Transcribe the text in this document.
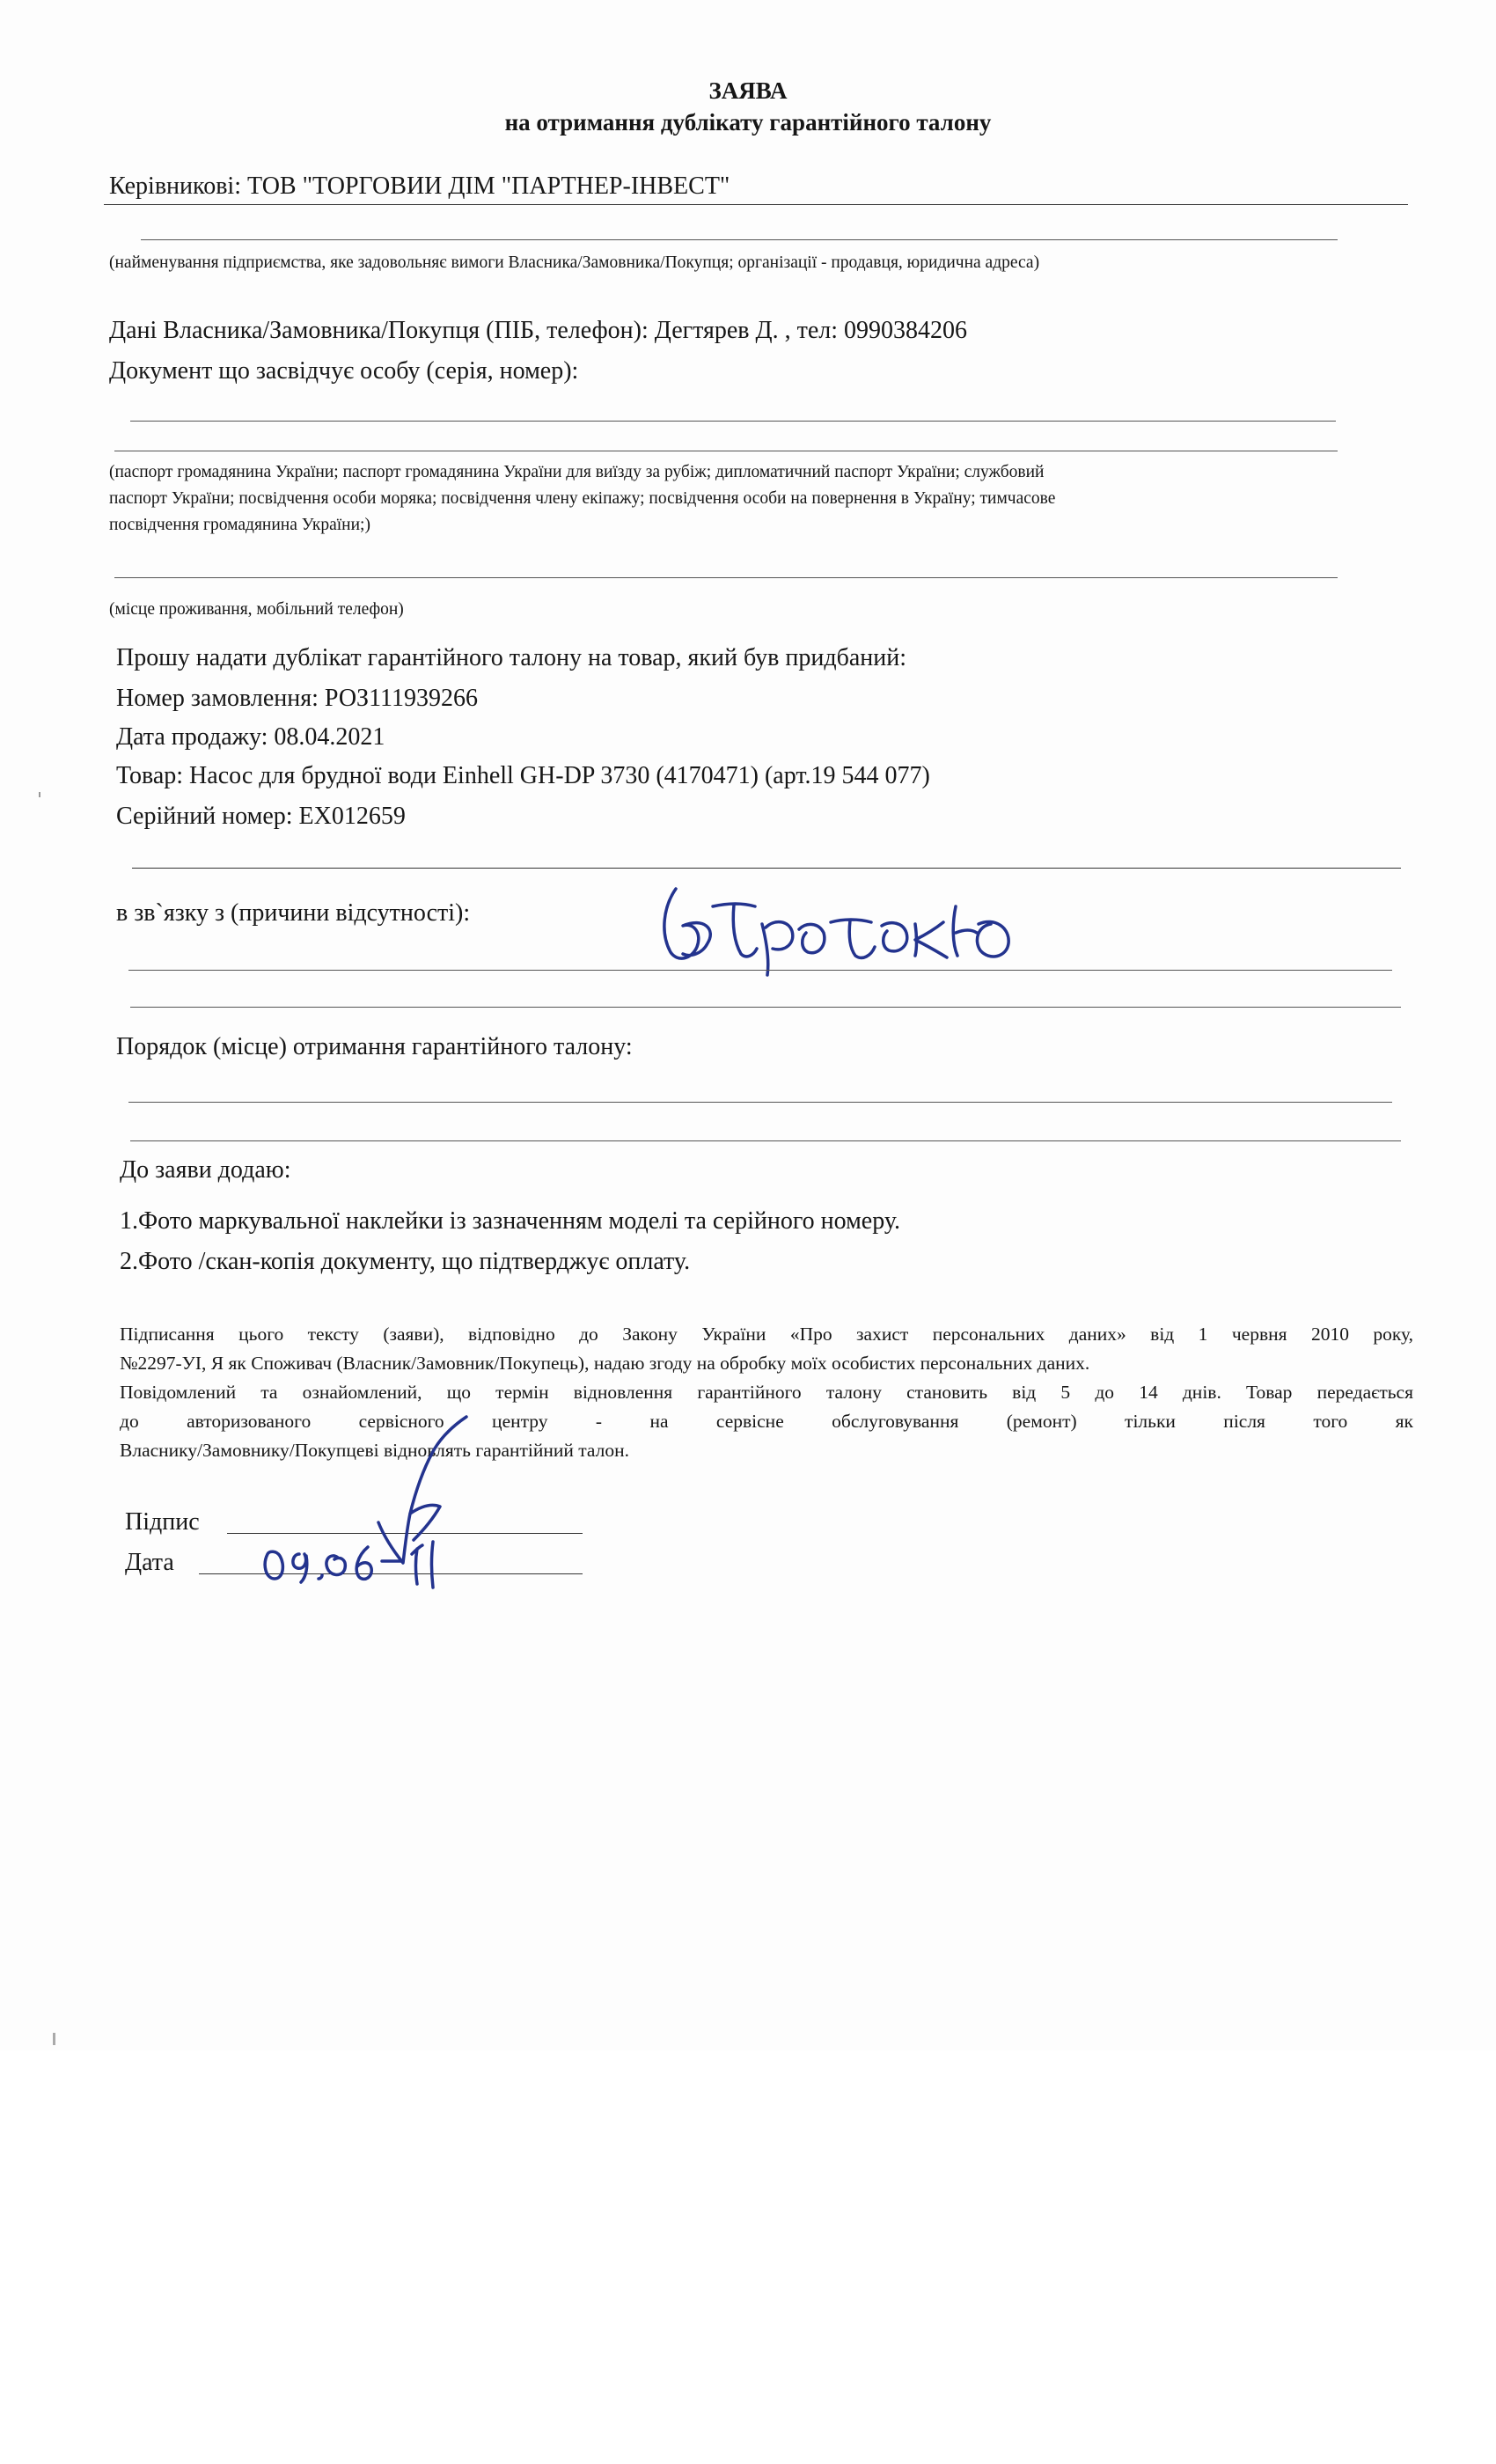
ЗАЯВА
на отримання дублікату гарантійного талону
Керівникові: ТОВ "ТОРГОВИИ ДІМ "ПАРТНЕР-ІНВЕСТ"
(найменування підприємства, яке задовольняє вимоги Власника/Замовника/Покупця; організації - продавця, юридична адреса)
Дані Власника/Замовника/Покупця (ПІБ, телефон): Дегтярев Д. , тел: 0990384206
Документ що засвідчує особу (серія, номер):
(паспорт громадянина України; паспорт громадянина України для виїзду за рубіж; дипломатичний паспорт України; службовий
паспорт України; посвідчення особи моряка; посвідчення члену екіпажу; посвідчення особи на повернення в Україну; тимчасове
посвідчення громадянина України;)
(місце проживання, мобільний телефон)
Прошу надати дублікат гарантійного талону на товар, який був придбаний:
Номер замовлення: РОЗ111939266
Дата продажу: 08.04.2021
Товар: Насос для брудної води Einhell GH-DP 3730 (4170471) (арт.19 544 077)
Серійний номер: EX012659
в зв`язку з (причини відсутності):
Порядок (місце) отримання гарантійного талону:
До заяви додаю:
1.Фото маркувальної наклейки із зазначенням моделі та серійного номеру.
2.Фото /скан-копія документу, що підтверджує оплату.
Підписання цього тексту (заяви), відповідно до Закону України «Про захист персональних даних» від 1 червня 2010 року,
№2297-УІ, Я як Споживач (Власник/Замовник/Покупець), надаю згоду на обробку моїх особистих персональних даних.
Повідомлений та ознайомлений, що термін відновлення гарантійного талону становить від 5 до 14 днів. Товар передається
до авторизованого сервісного центру - на сервісне обслуговування (ремонт) тільки після того як
Власнику/Замовнику/Покупцеві відновлять гарантійний талон.
Підпис
Дата
